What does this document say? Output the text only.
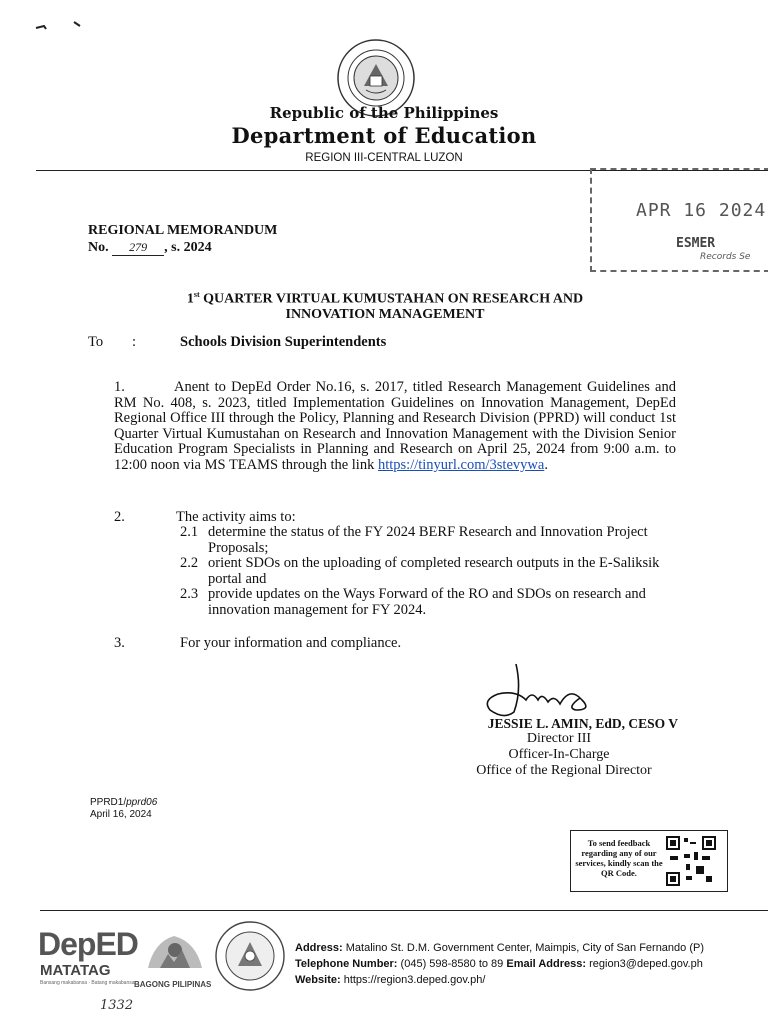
Republic of the Philippines
Department of Education
REGION III-CENTRAL LUZON
APR 16 2024
ESMER
Records Se
REGIONAL MEMORANDUM
No. 279 , s. 2024
1st QUARTER VIRTUAL KUMUSTAHAN ON RESEARCH AND
INNOVATION MANAGEMENT
To :	Schools Division Superintendents
1.	Anent to DepEd Order No.16, s. 2017, titled Research Management Guidelines and RM No. 408, s. 2023, titled Implementation Guidelines on Innovation Management, DepEd Regional Office III through the Policy, Planning and Research Division (PPRD) will conduct 1st Quarter Virtual Kumustahan on Research and Innovation Management with the Division Senior Education Program Specialists in Planning and Research on April 25, 2024 from 9:00 a.m. to 12:00 noon via MS TEAMS through the link https://tinyurl.com/3stevywa.
2.	The activity aims to:
2.1 determine the status of the FY 2024 BERF Research and Innovation Project Proposals;
2.2 orient SDOs on the uploading of completed research outputs in the E-Saliksik portal and
2.3 provide updates on the Ways Forward of the RO and SDOs on research and innovation management for FY 2024.
3.	For your information and compliance.
JESSIE L. AMIN, EdD, CESO V
Director III
Officer-In-Charge
Office of the Regional Director
PPRD1/pprd06
April 16, 2024
To send feedback regarding any of our services, kindly scan the QR Code.
DepED
MATATAG
Bansang makabansa · Batang makabansa BAGONG PILIPINAS
Address: Matalino St. D.M. Government Center, Maimpis, City of San Fernando (P)
Telephone Number: (045) 598-8580 to 89 Email Address: region3@deped.gov.ph
Website: https://region3.deped.gov.ph/
1332
